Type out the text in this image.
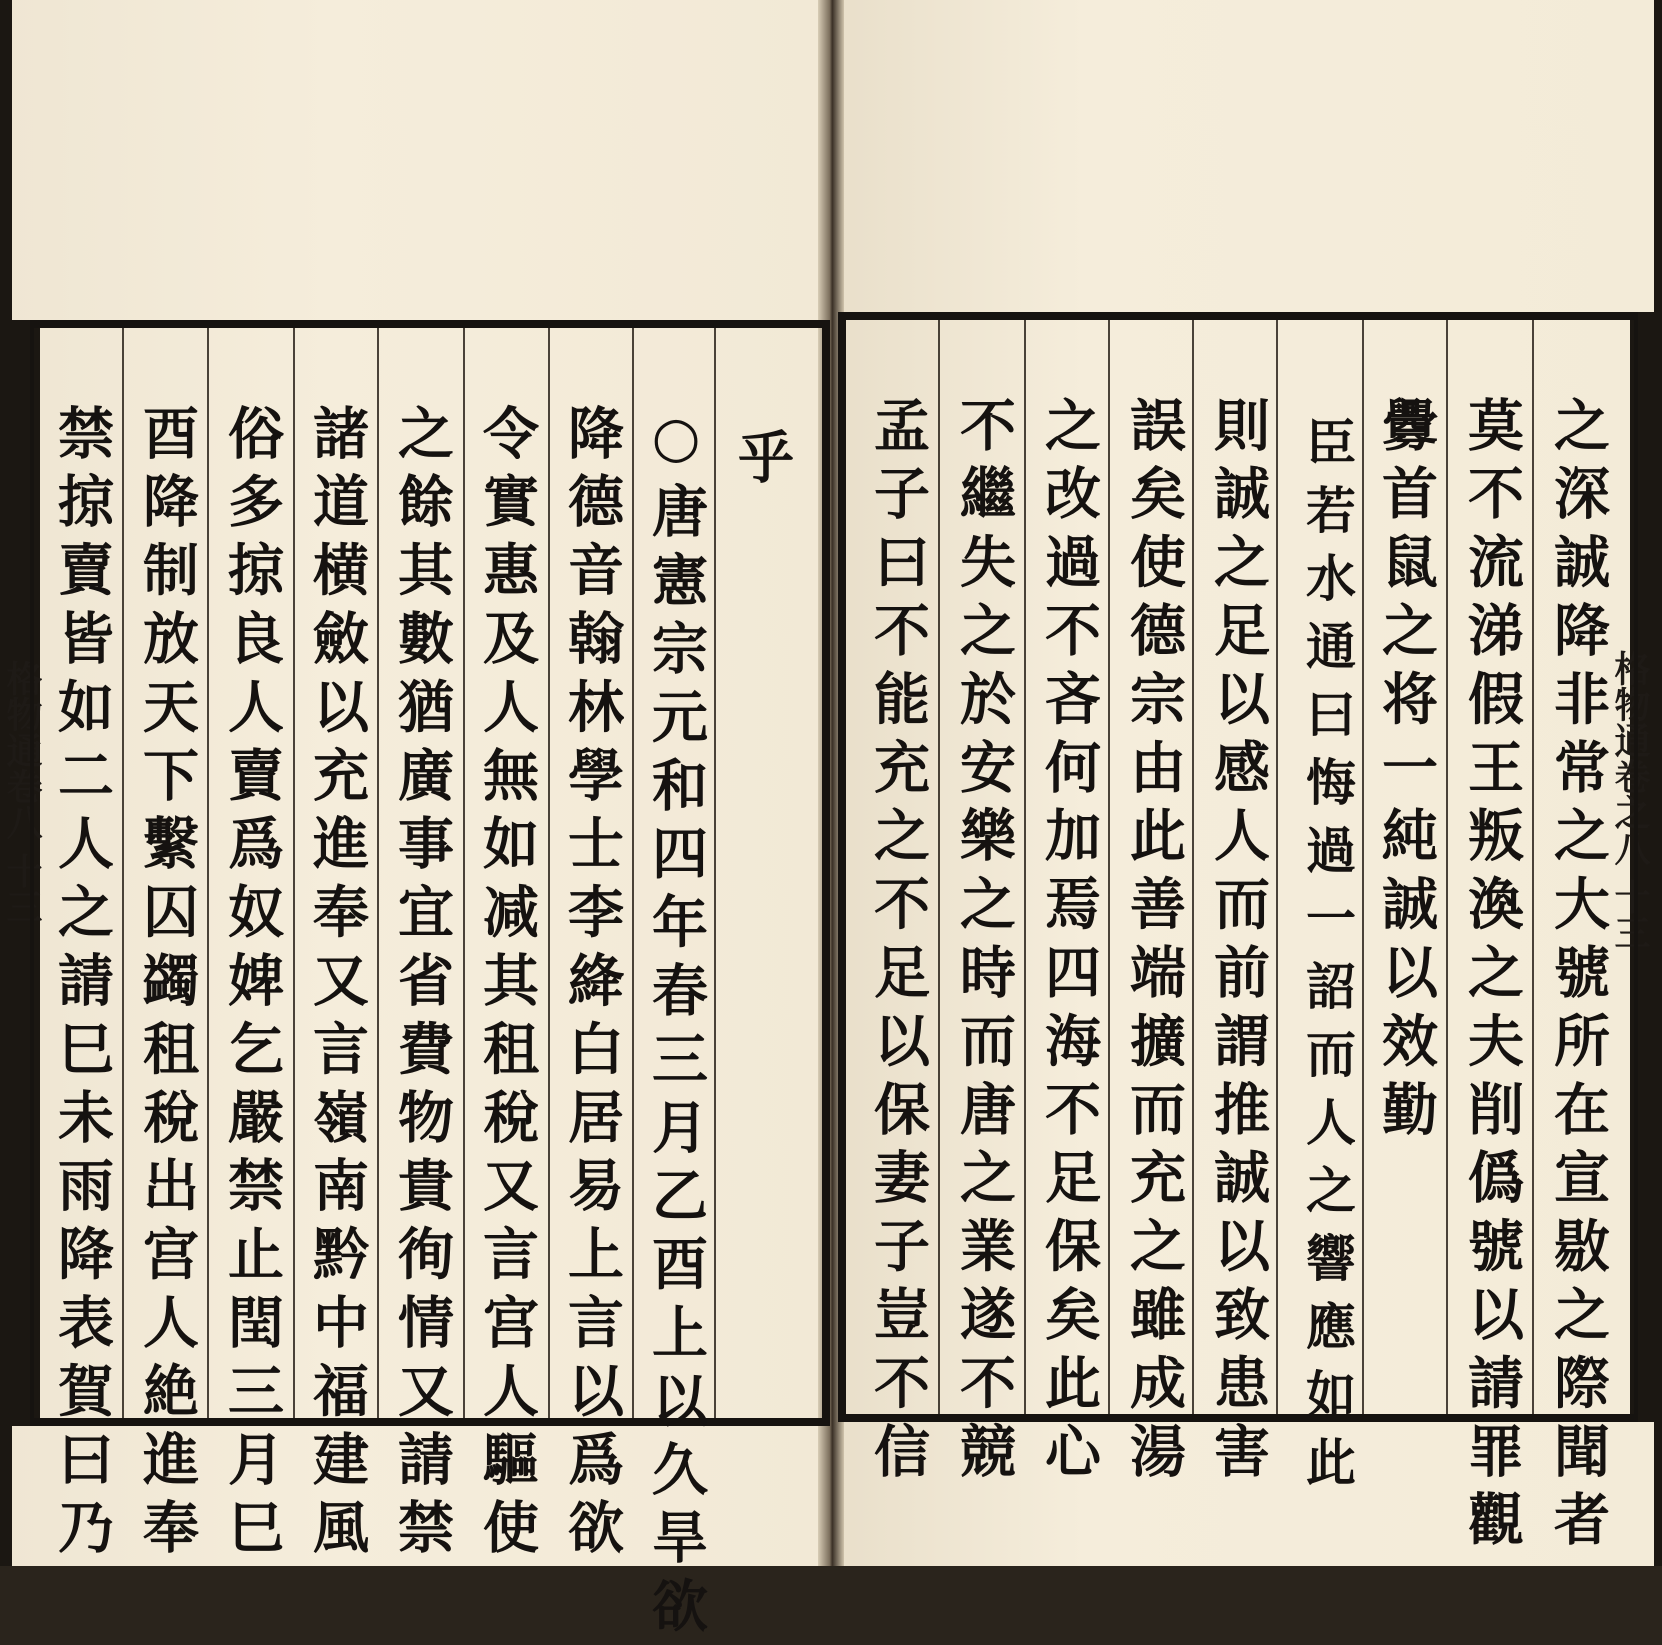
格物通卷八 十三
格物通卷之八 十三
乎
○唐憲宗元和四年春三月乙酉上以久旱欲
降德音翰林學士李絳白居易上言以爲欲
令實惠及人無如减其租稅又言宫人驅使
之餘其數猶廣事宜省費物貴徇情又請禁
諸道横斂以充進奉又言嶺南黔中福建風
俗多掠良人賣爲奴婢乞嚴禁止閏三月巳
酉降制放天下繫囚蠲租稅出宫人絶進奉
禁掠賣皆如二人之請巳未雨降表賀曰乃	之深誠降非常之大號所在宣敭之際聞者
莫不流涕假王叛渙之夫削僞號以請罪觀
釁首鼠之将一純誠以效勤
臣若水通曰悔過一詔而人之響應如此
則誠之足以感人而前謂推誠以致患害
誤矣使德宗由此善端擴而充之雖成湯
之改過不吝何加焉四海不足保矣此心
不繼失之於安樂之時而唐之業遂不競
孟子曰不能充之不足以保妻子豈不信
